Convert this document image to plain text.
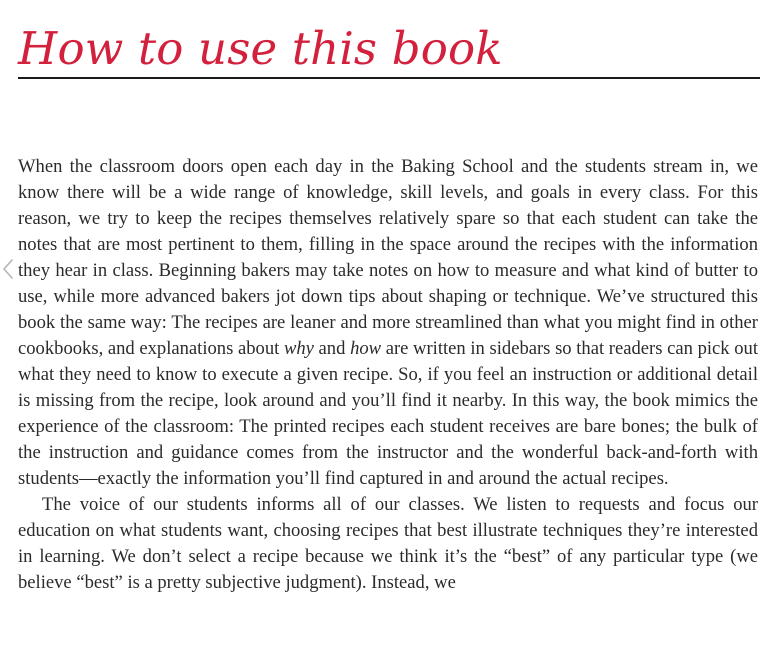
How to use this book

When the classroom doors open each day in the Baking School and the students stream in, we know there will be a wide range of knowledge, skill levels, and goals in every class. For this reason, we try to keep the recipes themselves relatively spare so that each student can take the notes that are most pertinent to them, filling in the space around the recipes with the information they hear in class. Beginning bakers may take notes on how to measure and what kind of butter to use, while more advanced bakers jot down tips about shaping or technique. We’ve structured this book the same way: The recipes are leaner and more streamlined than what you might find in other cookbooks, and explanations about why and how are written in sidebars so that readers can pick out what they need to know to execute a given recipe. So, if you feel an instruction or additional detail is missing from the recipe, look around and you’ll find it nearby. In this way, the book mimics the experience of the classroom: The printed recipes each student receives are bare bones; the bulk of the instruction and guidance comes from the instructor and the wonderful back-and-forth with students—exactly the information you’ll find captured in and around the actual recipes.

The voice of our students informs all of our classes. We listen to requests and focus our education on what students want, choosing recipes that best illustrate techniques they’re interested in learning. We don’t select a recipe because we think it’s the “best” of any particular type (we believe “best” is a pretty subjective judgment). Instead, we
